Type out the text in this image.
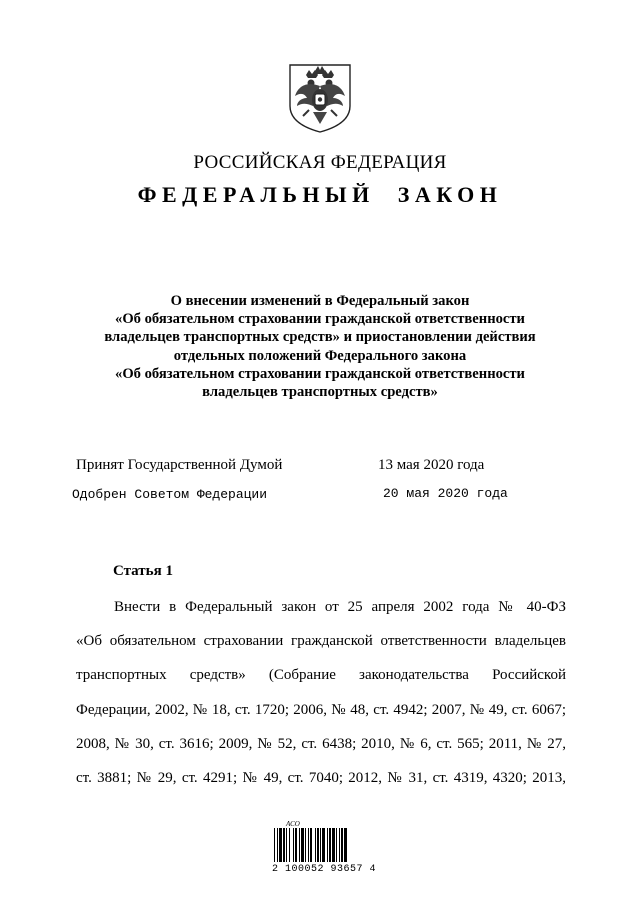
РОССИЙСКАЯ ФЕДЕРАЦИЯ
ФЕДЕРАЛЬНЫЙ ЗАКОН
О внесении изменений в Федеральный закон
«Об обязательном страховании гражданской ответственности
владельцев транспортных средств» и приостановлении действия
отдельных положений Федерального закона
«Об обязательном страховании гражданской ответственности
владельцев транспортных средств»
Принят Государственной Думой	13 мая 2020 года
Одобрен Советом Федерации	20 мая 2020 года
Статья 1
Внести в Федеральный закон от 25 апреля 2002 года № 40-ФЗ
«Об обязательном страховании гражданской ответственности владельцев
транспортных средств» (Собрание законодательства Российской
Федерации, 2002, № 18, ст. 1720; 2006, № 48, ст. 4942; 2007, № 49, ст. 6067;
2008, № 30, ст. 3616; 2009, № 52, ст. 6438; 2010, № 6, ст. 565; 2011, № 27,
ст. 3881; № 29, ст. 4291; № 49, ст. 7040; 2012, № 31, ст. 4319, 4320; 2013,
АСО
2 100052 93657 4
